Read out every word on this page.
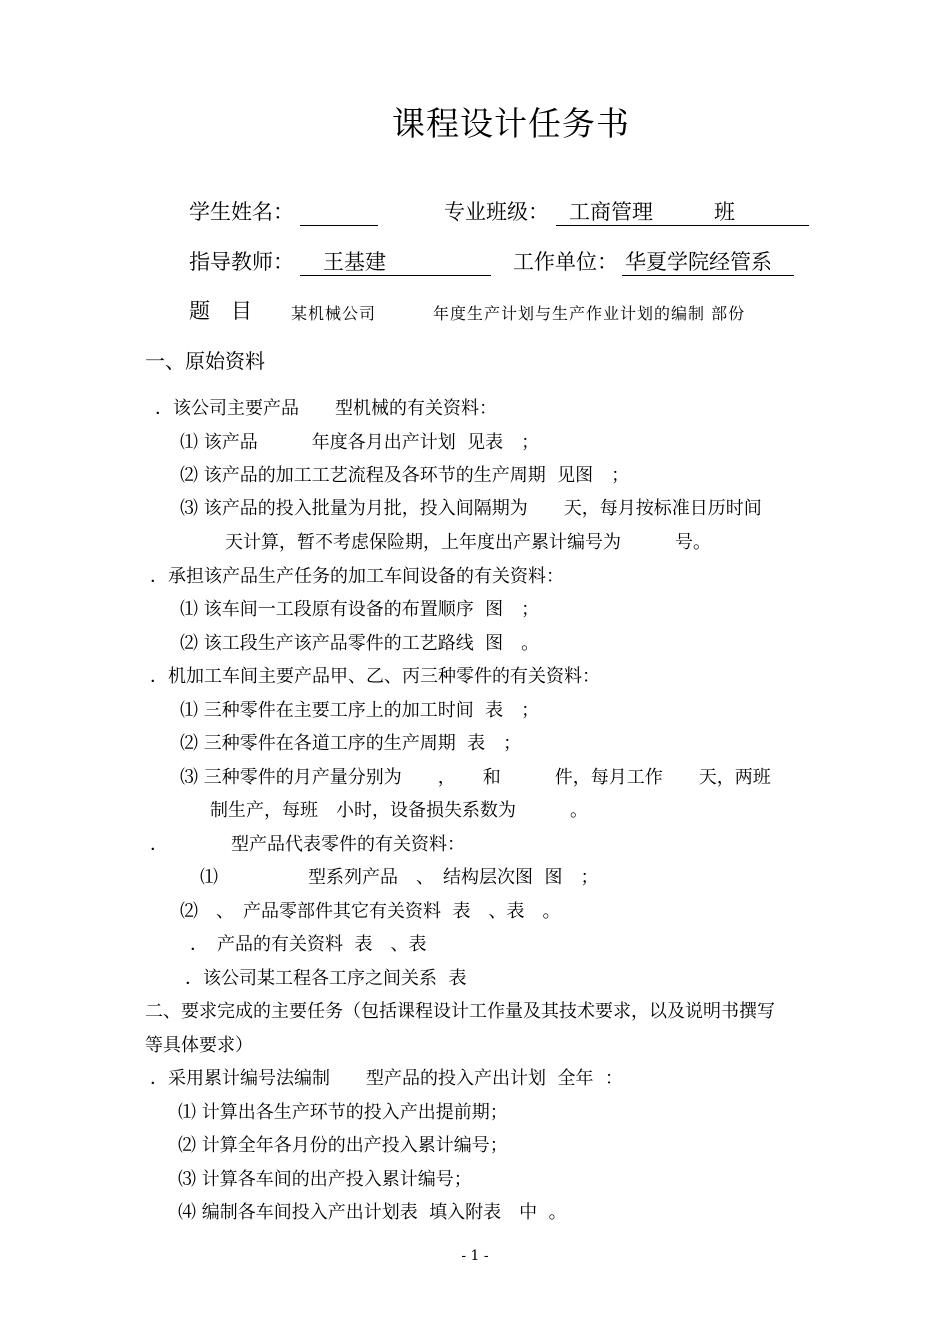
课程设计任务书
学生姓名：	专业班级： 工商管理	班
指导教师： 王基建	工作单位： 华夏学院经管系
题　目 某机械公司	年度生产计划与生产作业计划的编制 部份
一、原始资料
．该公司主要产品　　型机械的有关资料：
⑴ 该产品　　　年度各月出产计划  见表　；
⑵ 该产品的加工工艺流程及各环节的生产周期  见图　；
⑶ 该产品的投入批量为月批，投入间隔期为　　天，每月按标准日历时间
天计算，暂不考虑保险期，上年度出产累计编号为　　　号。
．承担该产品生产任务的加工车间设备的有关资料：
⑴ 该车间一工段原有设备的布置顺序  图　；
⑵ 该工段生产该产品零件的工艺路线  图　。
．机加工车间主要产品甲、乙、丙三种零件的有关资料：
⑴ 三种零件在主要工序上的加工时间  表　；
⑵ 三种零件在各道工序的生产周期  表　；
⑶ 三种零件的月产量分别为　　，　　和　　　件，每月工作　　天，两班
制生产，每班　小时，设备损失系数为　　　。
．　　　　型产品代表零件的有关资料：
⑴　　　　　型系列产品　、　结构层次图  图　；
⑵　、　产品零部件其它有关资料  表　、表　。
．　产品的有关资料  表　、表
．该公司某工程各工序之间关系  表
二、要求完成的主要任务（包括课程设计工作量及其技术要求，以及说明书撰写
等具体要求）
．采用累计编号法编制　　型产品的投入产出计划  全年  ：
⑴ 计算出各生产环节的投入产出提前期；
⑵ 计算全年各月份的出产投入累计编号；
⑶ 计算各车间的出产投入累计编号；
⑷ 编制各车间投入产出计划表  填入附表　中  。
- 1 -
